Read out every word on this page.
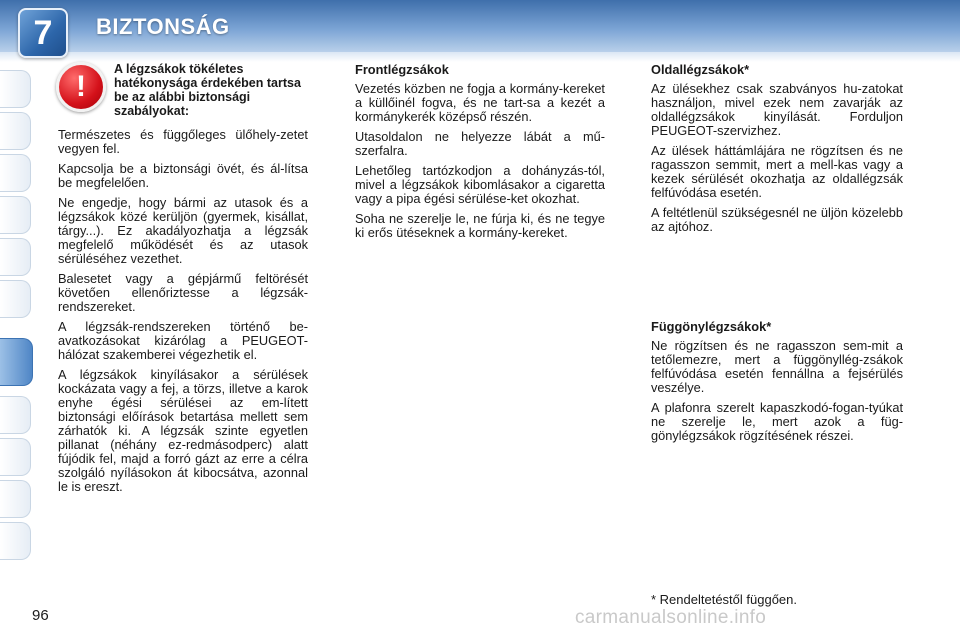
7	BIZTONSÁG
!
A légzsákok tökéletes hatékonysága érdekében tartsa be az alábbi biztonsági szabályokat:

Természetes és függőleges ülőhely-zetet vegyen fel.

Kapcsolja be a biztonsági övét, és ál-lítsa be megfelelően.

Ne engedje, hogy bármi az utasok és a légzsákok közé kerüljön (gyermek, kisállat, tárgy...). Ez akadályozhatja a légzsák megfelelő működését és az utasok sérüléséhez vezethet.

Balesetet vagy a gépjármű feltörését követően ellenőriztesse a légzsák-rendszereket.

A légzsák-rendszereken történő be-avatkozásokat kizárólag a PEUGEOT-hálózat szakemberei végezhetik el.

A légzsákok kinyílásakor a sérülések kockázata vagy a fej, a törzs, illetve a karok enyhe égési sérülései az em-lített biztonsági előírások betartása mellett sem zárhatók ki. A légzsák szinte egyetlen pillanat (néhány ez-redmásodperc) alatt fújódik fel, majd a forró gázt az erre a célra szolgáló nyílásokon át kibocsátva, azonnal le is ereszt.

Frontlégzsákok

Vezetés közben ne fogja a kormány-kereket a küllőinél fogva, és ne tart-sa a kezét a kormánykerék középső részén.

Utasoldalon ne helyezze lábát a mű-szerfalra.

Lehetőleg tartózkodjon a dohányzás-tól, mivel a légzsákok kibomlásakor a cigaretta vagy a pipa égési sérülése-ket okozhat.

Soha ne szerelje le, ne fúrja ki, és ne tegye ki erős ütéseknek a kormány-kereket.

Oldallégzsákok*

Az ülésekhez csak szabványos hu-zatokat használjon, mivel ezek nem zavarják az oldallégzsákok kinyílását. Forduljon PEUGEOT-szervizhez.

Az ülések háttámlájára ne rögzítsen és ne ragasszon semmit, mert a mell-kas vagy a kezek sérülését okozhatja az oldallégzsák felfúvódása esetén.

A feltétlenül szükségesnél ne üljön közelebb az ajtóhoz.

Függönylégzsákok*

Ne rögzítsen és ne ragasszon sem-mit a tetőlemezre, mert a függönyllég-zsákok felfúvódása esetén fennállna a fejsérülés veszélye.

A plafonra szerelt kapaszkodó-fogan-tyúkat ne szerelje le, mert azok a füg-gönylégzsákok rögzítésének részei.

* Rendeltetéstől függően.
96	carmanualsonline.info
